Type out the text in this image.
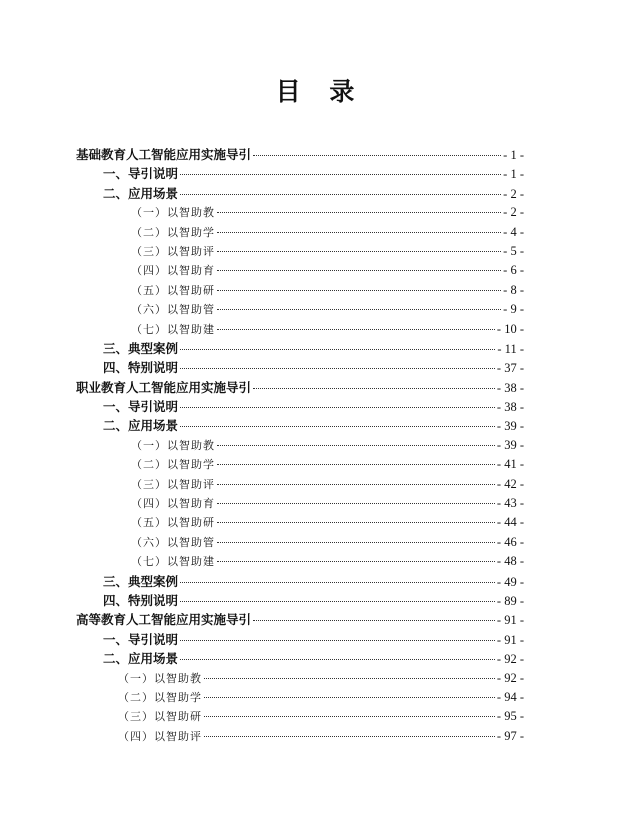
目 录
基础教育人工智能应用实施导引	- 1 -
一、导引说明	- 1 -
二、应用场景	- 2 -
（一）以智助教	- 2 -
（二）以智助学	- 4 -
（三）以智助评	- 5 -
（四）以智助育	- 6 -
（五）以智助研	- 8 -
（六）以智助管	- 9 -
（七）以智助建	- 10 -
三、典型案例	- 11 -
四、特别说明	- 37 -
职业教育人工智能应用实施导引	- 38 -
一、导引说明	- 38 -
二、应用场景	- 39 -
（一）以智助教	- 39 -
（二）以智助学	- 41 -
（三）以智助评	- 42 -
（四）以智助育	- 43 -
（五）以智助研	- 44 -
（六）以智助管	- 46 -
（七）以智助建	- 48 -
三、典型案例	- 49 -
四、特别说明	- 89 -
高等教育人工智能应用实施导引	- 91 -
一、导引说明	- 91 -
二、应用场景	- 92 -
（一）以智助教	- 92 -
（二）以智助学	- 94 -
（三）以智助研	- 95 -
（四）以智助评	- 97 -
